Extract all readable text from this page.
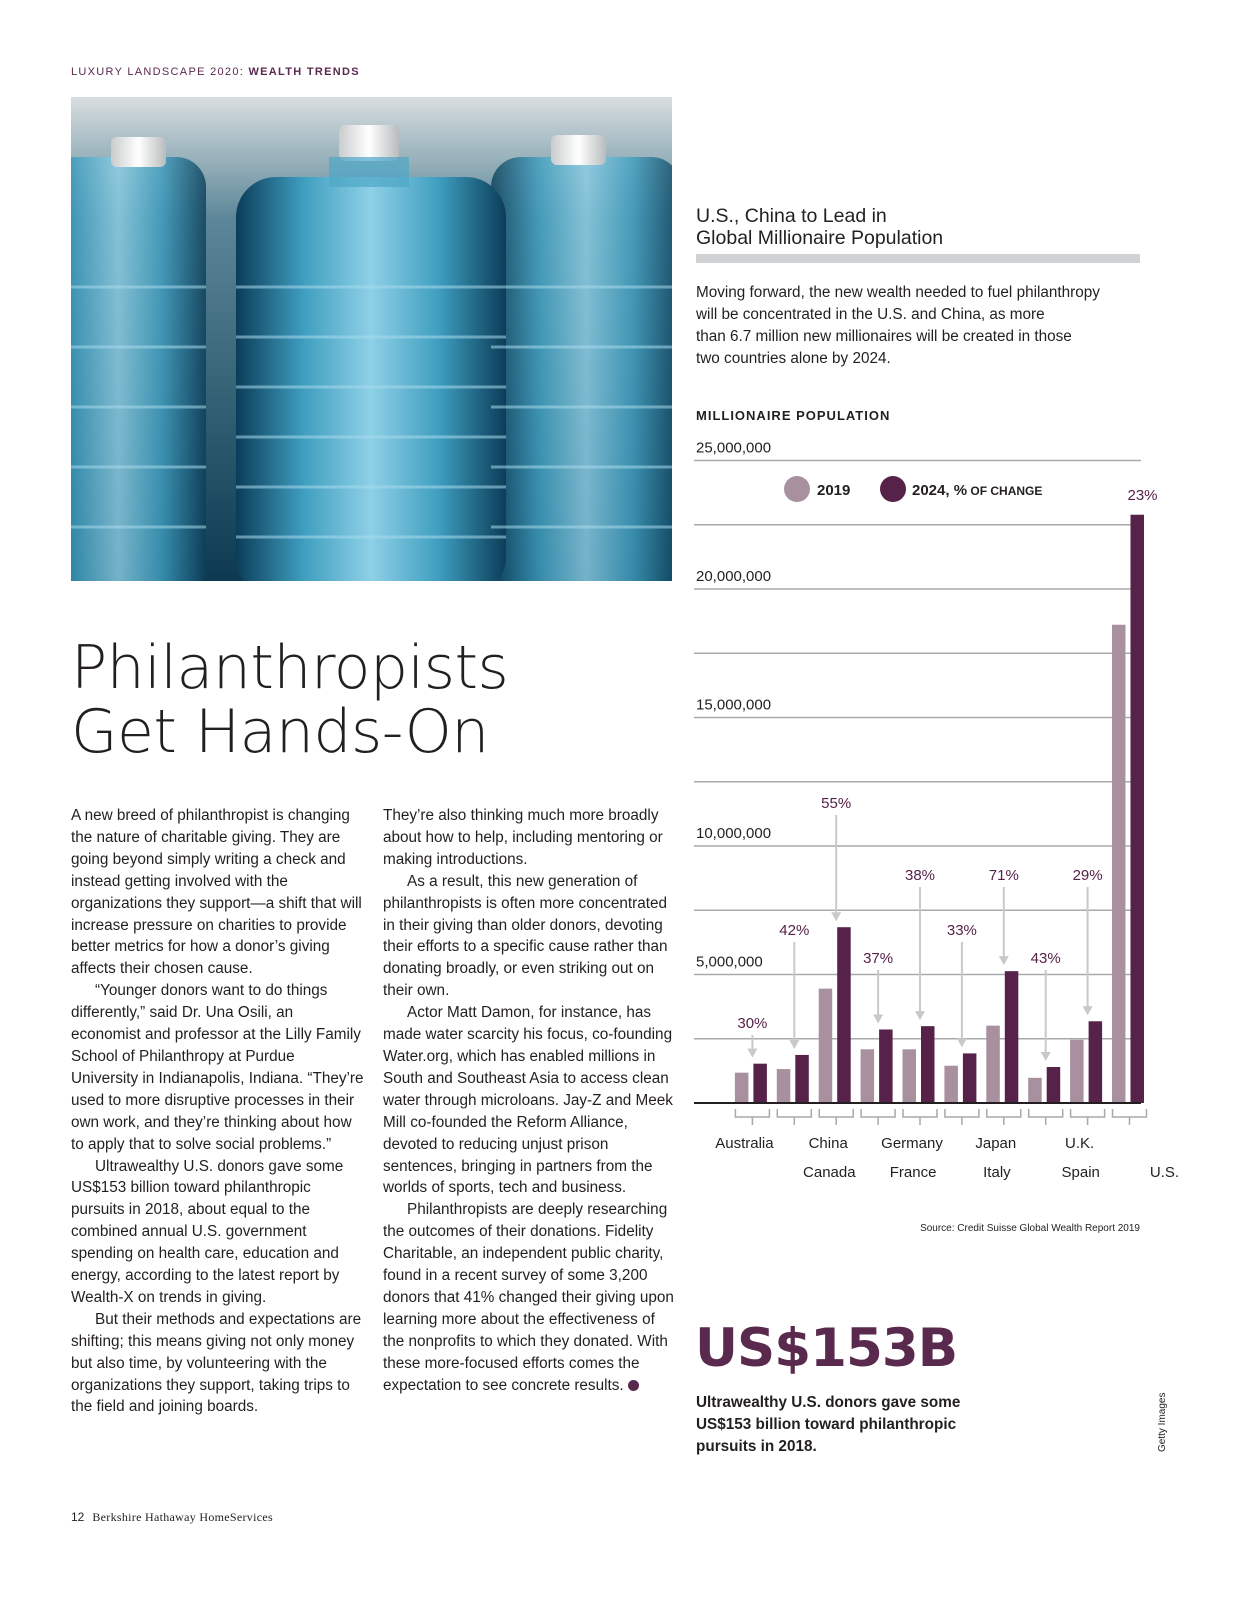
LUXURY LANDSCAPE 2020: WEALTH TRENDS
Philanthropists
Get Hands-On

A new breed of philanthropist is changing the nature of charitable giving. They are going beyond simply writing a check and instead getting involved with the organizations they support—a shift that will increase pressure on charities to provide better metrics for how a donor’s giving affects their chosen cause.

“Younger donors want to do things differently,” said Dr. Una Osili, an economist and professor at the Lilly Family School of Philanthropy at Purdue University in Indianapolis, Indiana. “They’re used to more disruptive processes in their own work, and they’re thinking about how to apply that to solve social problems.”

Ultrawealthy U.S. donors gave some US$153 billion toward philanthropic pursuits in 2018, about equal to the combined annual U.S. government spending on health care, education and energy, according to the latest report by Wealth-X on trends in giving.

But their methods and expectations are shifting; this means giving not only money but also time, by volunteering with the organizations they support, taking trips to the field and joining boards.

They’re also thinking much more broadly about how to help, including mentoring or making introductions.

As a result, this new generation of philanthropists is often more concentrated in their giving than older donors, devoting their efforts to a specific cause rather than donating broadly, or even striking out on their own.

Actor Matt Damon, for instance, has made water scarcity his focus, co-founding Water.org, which has enabled millions in South and Southeast Asia to access clean water through microloans. Jay-Z and Meek Mill co-founded the Reform Alliance, devoted to reducing unjust prison sentences, bringing in partners from the worlds of sports, tech and business.

Philanthropists are deeply researching the outcomes of their donations. Fidelity Charitable, an independent public charity, found in a recent survey of some 3,200 donors that 41% changed their giving upon learning more about the effectiveness of the nonprofits to which they donated. With these more-focused efforts comes the expectation to see concrete results.

U.S., China to Lead in
Global Millionaire Population
Moving forward, the new wealth needed to fuel philanthropy
will be concentrated in the U.S. and China, as more
than 6.7 million new millionaires will be created in those
two countries alone by 2024.
MILLIONAIRE POPULATION
5,000,000
10,000,000
15,000,000
20,000,000
25,000,000
2019	2024, % OF CHANGE
Australia
30%
Canada
42%
China
55%
France
37%
Germany
38%
Italy
33%
Japan
71%
Spain
43%
U.K.
29%
U.S.
23%
Source: Credit Suisse Global Wealth Report 2019
US$153B
Ultrawealthy U.S. donors gave some
US$153 billion toward philanthropic
pursuits in 2018.	Getty Images
12 Berkshire Hathaway HomeServices
